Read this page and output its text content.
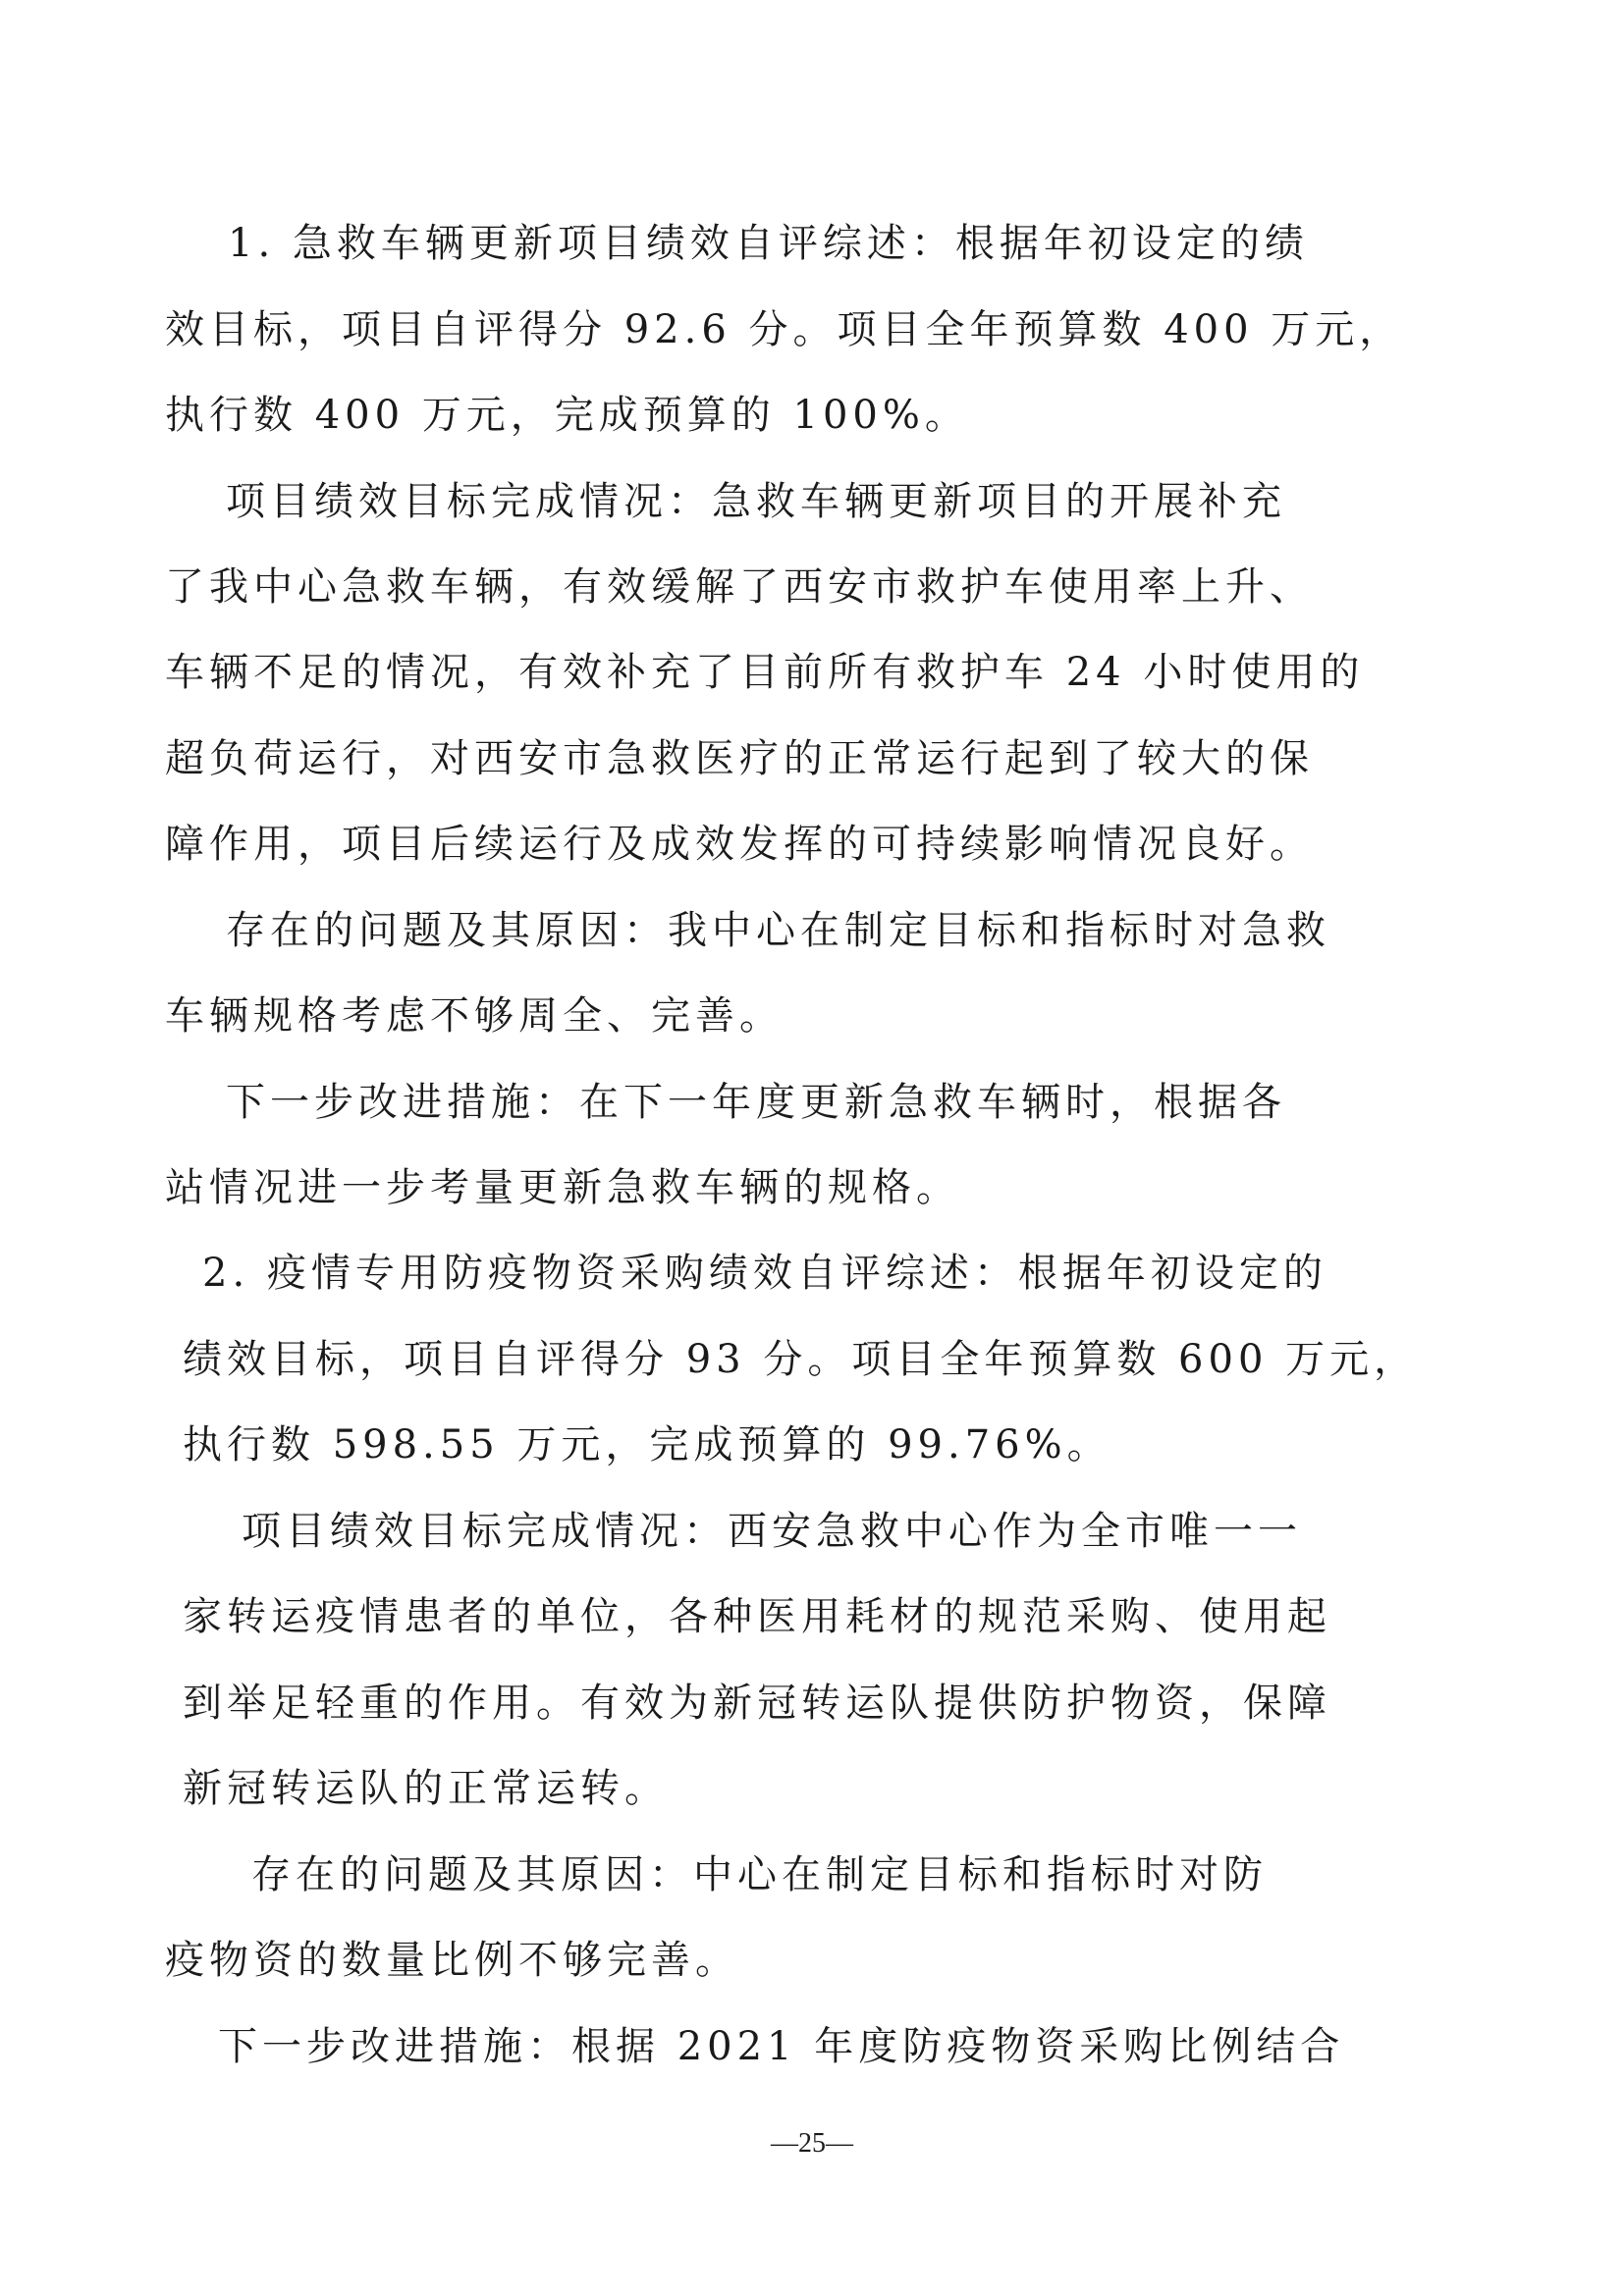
1. 急救车辆更新项目绩效自评综述：根据年初设定的绩
效目标，项目自评得分 92.6 分。项目全年预算数 400 万元，
执行数 400 万元，完成预算的 100%。
项目绩效目标完成情况：急救车辆更新项目的开展补充
了我中心急救车辆，有效缓解了西安市救护车使用率上升、
车辆不足的情况，有效补充了目前所有救护车 24 小时使用的
超负荷运行，对西安市急救医疗的正常运行起到了较大的保
障作用，项目后续运行及成效发挥的可持续影响情况良好。
存在的问题及其原因：我中心在制定目标和指标时对急救
车辆规格考虑不够周全、完善。
下一步改进措施：在下一年度更新急救车辆时，根据各
站情况进一步考量更新急救车辆的规格。
2. 疫情专用防疫物资采购绩效自评综述：根据年初设定的
绩效目标，项目自评得分 93 分。项目全年预算数 600 万元，
执行数 598.55 万元，完成预算的 99.76%。
项目绩效目标完成情况：西安急救中心作为全市唯一一
家转运疫情患者的单位，各种医用耗材的规范采购、使用起
到举足轻重的作用。有效为新冠转运队提供防护物资，保障
新冠转运队的正常运转。
存在的问题及其原因：中心在制定目标和指标时对防
疫物资的数量比例不够完善。
下一步改进措施：根据 2021 年度防疫物资采购比例结合
—25—
